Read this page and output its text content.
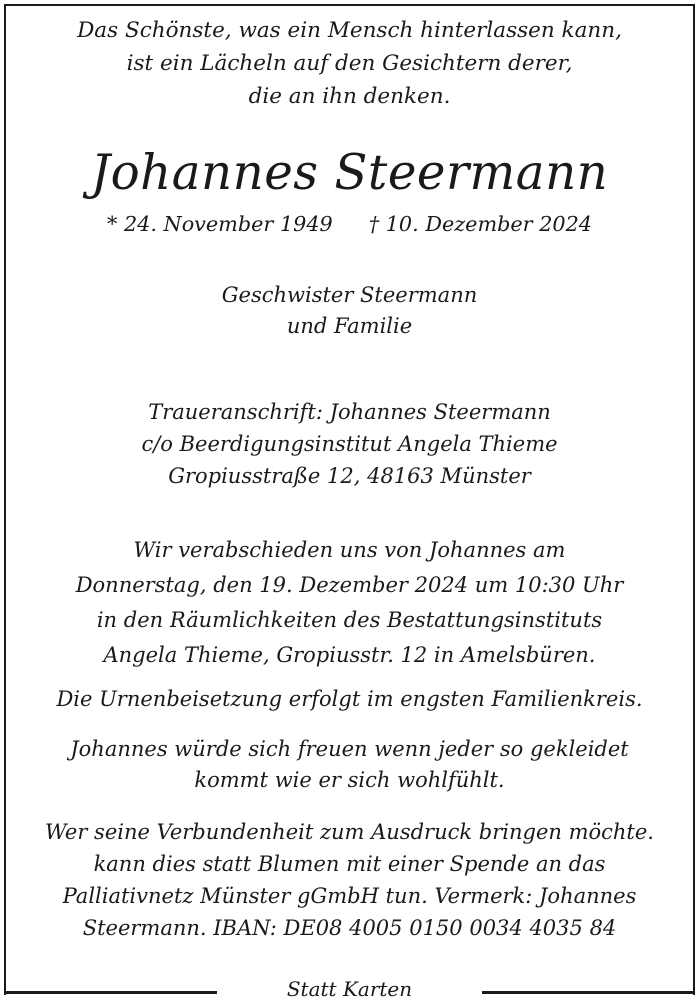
Das Schönste, was ein Mensch hinterlassen kann,
ist ein Lächeln auf den Gesichtern derer,
die an ihn denken.
Johannes Steermann
* 24. November 1949 † 10. Dezember 2024
Geschwister Steermann
und Familie
Traueranschrift: Johannes Steermann
c/o Beerdigungsinstitut Angela Thieme
Gropiusstraße 12, 48163 Münster
Wir verabschieden uns von Johannes am
Donnerstag, den 19. Dezember 2024 um 10:30 Uhr
in den Räumlichkeiten des Bestattungsinstituts
Angela Thieme, Gropiusstr. 12 in Amelsbüren.
Die Urnenbeisetzung erfolgt im engsten Familienkreis.
Johannes würde sich freuen wenn jeder so gekleidet
kommt wie er sich wohlfühlt.
Wer seine Verbundenheit zum Ausdruck bringen möchte.
kann dies statt Blumen mit einer Spende an das
Palliativnetz Münster gGmbH tun. Vermerk: Johannes
Steermann. IBAN: DE08 4005 0150 0034 4035 84
Statt Karten
